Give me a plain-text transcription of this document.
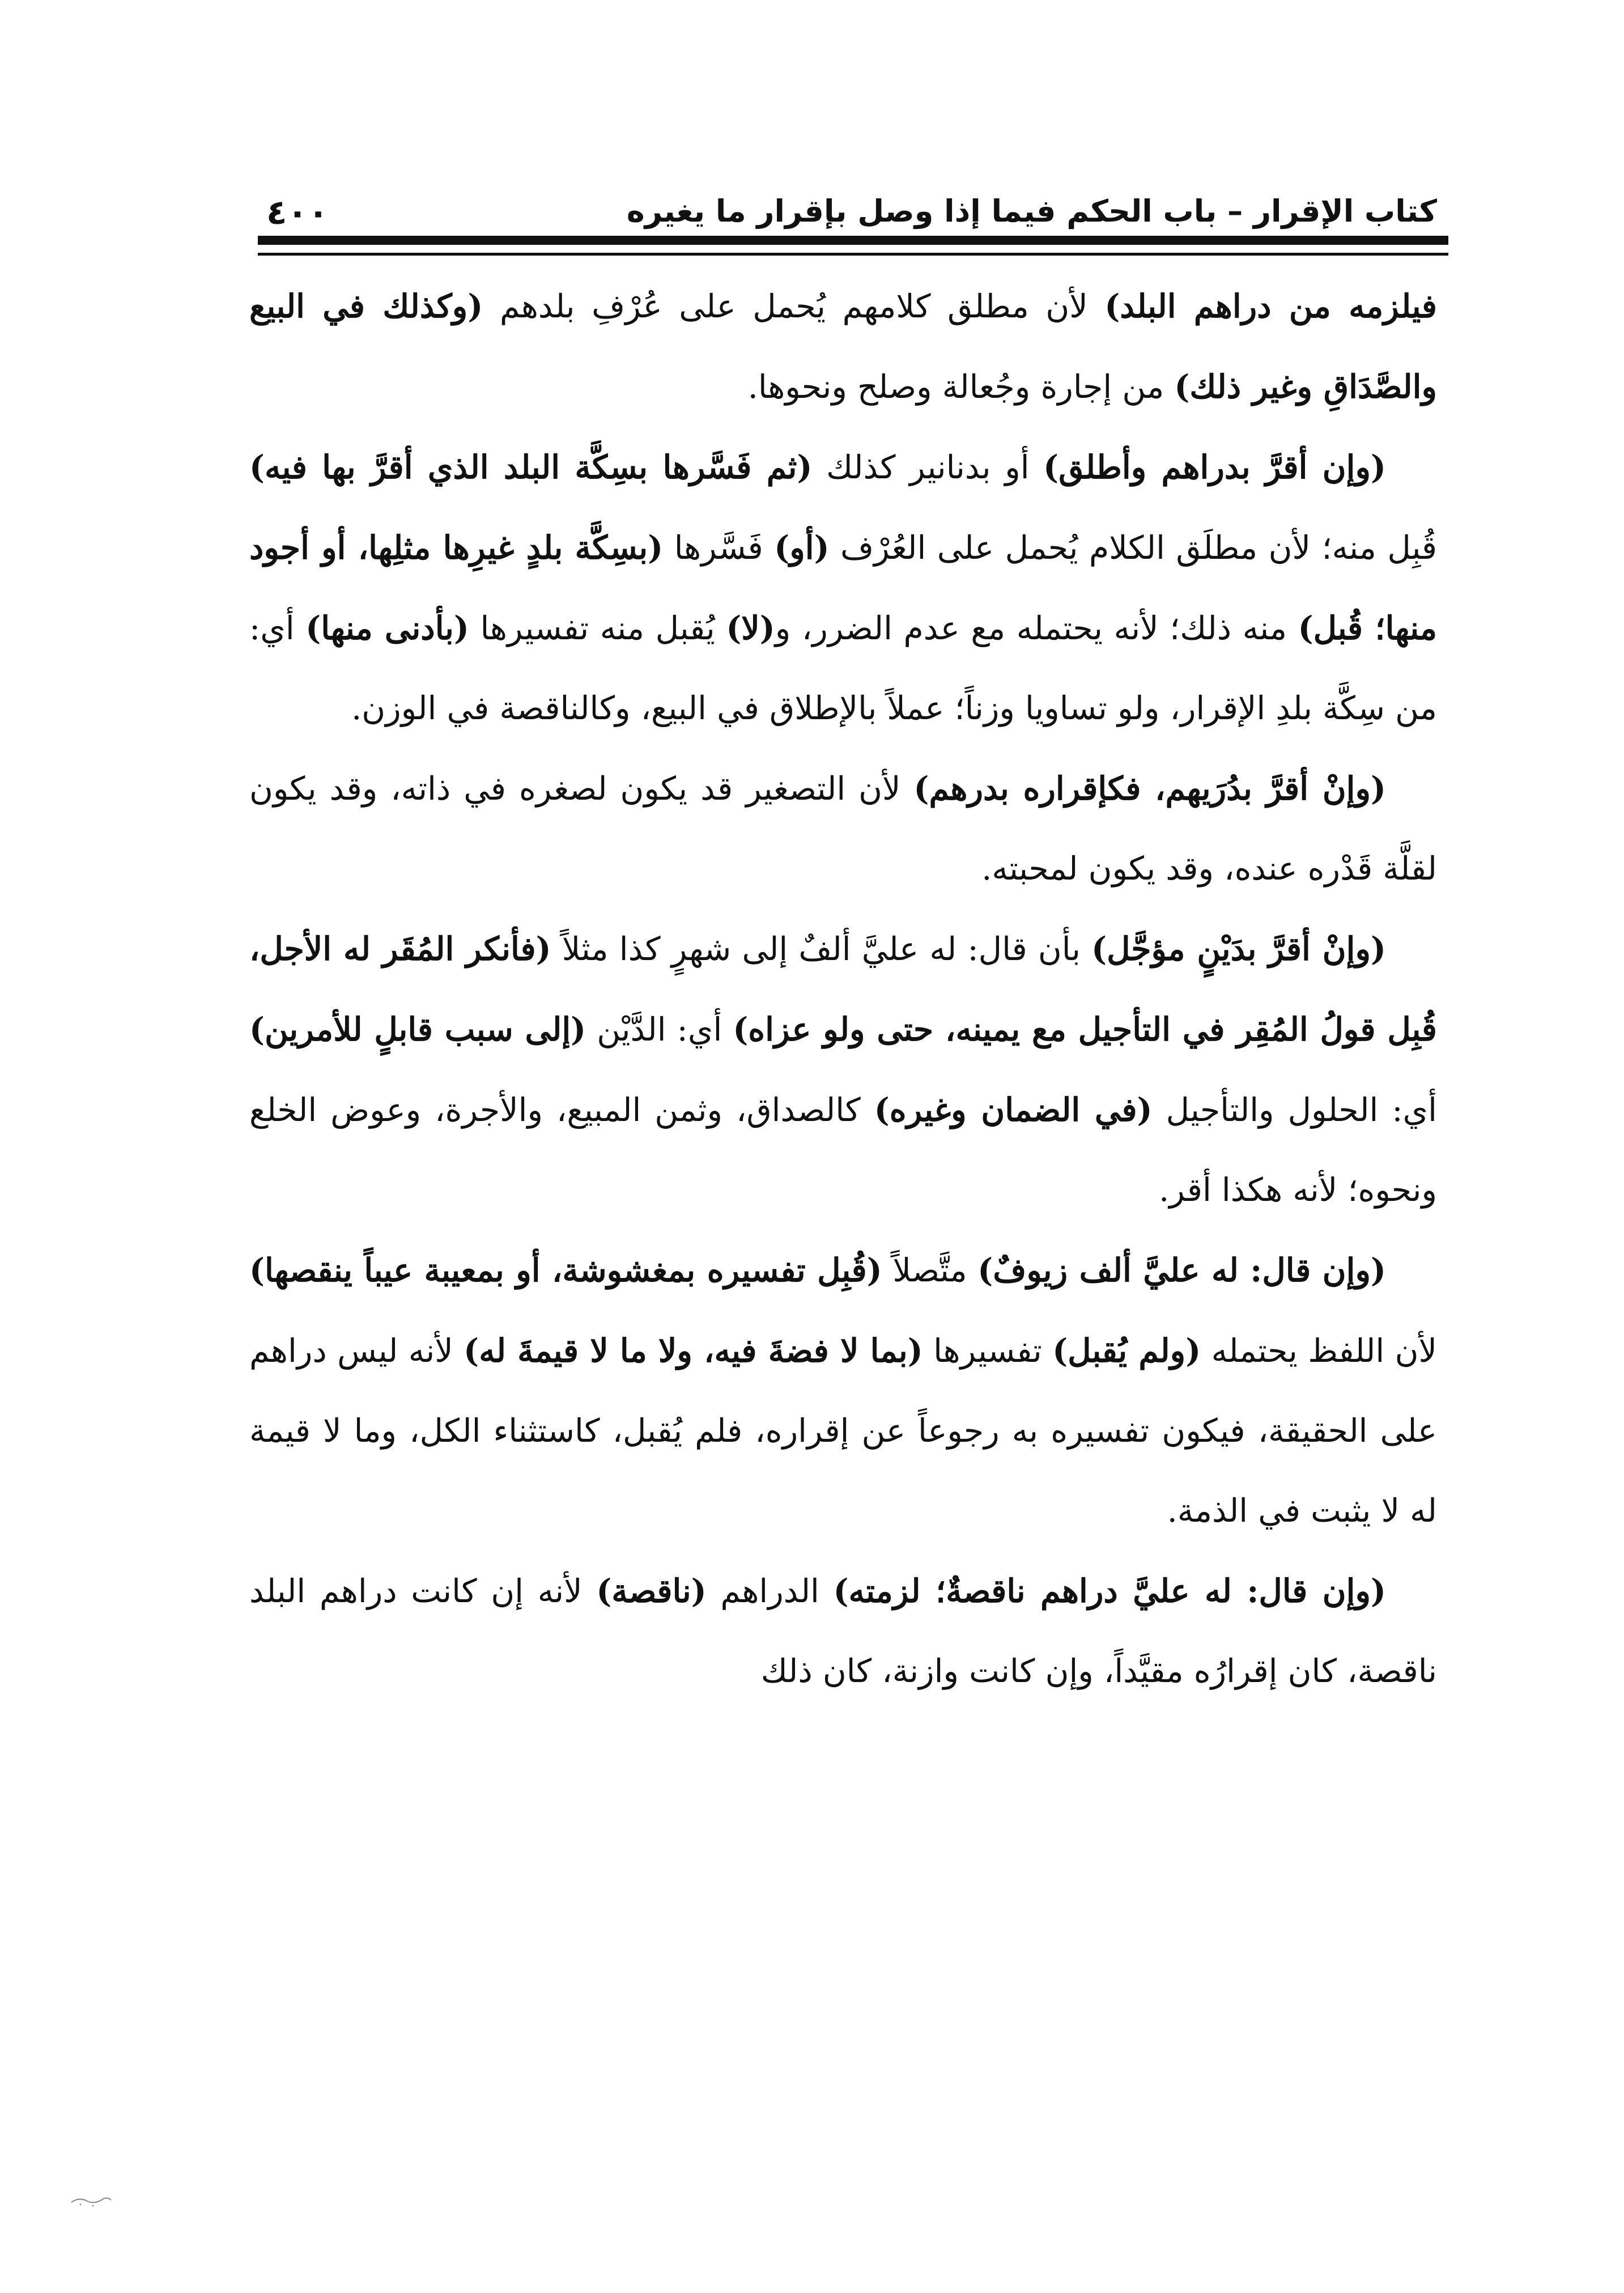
كتاب الإقرار – باب الحكم فيما إذا وصل بإقرار ما يغيره
٤٠٠

فيلزمه من دراهم البلد) لأن مطلق كلامهم يُحمل على عُرْفِ بلدهم (وكذلك في البيع والصَّدَاقِ وغير ذلك) من إجارة وجُعالة وصلح ونحوها.

(وإن أقرَّ بدراهم وأطلق) أو بدنانير كذلك (ثم فَسَّرها بسِكَّة البلد الذي أقرَّ بها فيه) قُبِل منه؛ لأن مطلَق الكلام يُحمل على العُرْف (أو) فَسَّرها (بسِكَّة بلدٍ غيرِها مثلِها، أو أجود منها؛ قُبل) منه ذلك؛ لأنه يحتمله مع عدم الضرر، و(لا) يُقبل منه تفسيرها (بأدنى منها) أي: من سِكَّة بلدِ الإقرار، ولو تساويا وزناً؛ عملاً بالإطلاق في البيع، وكالناقصة في الوزن.

(وإنْ أقرَّ بدُرَيهم، فكإقراره بدرهم) لأن التصغير قد يكون لصغره في ذاته، وقد يكون لقلَّة قَدْره عنده، وقد يكون لمحبته.

(وإنْ أقرَّ بدَيْنٍ مؤجَّل) بأن قال: له عليَّ ألفٌ إلى شهرٍ كذا مثلاً (فأنكر المُقَر له الأجل، قُبِل قولُ المُقِر في التأجيل مع يمينه، حتى ولو عزاه) أي: الدَّيْن (إلى سبب قابلٍ للأمرين) أي: الحلول والتأجيل (في الضمان وغيره) كالصداق، وثمن المبيع، والأجرة، وعوض الخلع ونحوه؛ لأنه هكذا أقر.

(وإن قال: له عليَّ ألف زيوفٌ) متَّصلاً (قُبِل تفسيره بمغشوشة، أو بمعيبة عيباً ينقصها) لأن اللفظ يحتمله (ولم يُقبل) تفسيرها (بما لا فضةَ فيه، ولا ما لا قيمةَ له) لأنه ليس دراهم على الحقيقة، فيكون تفسيره به رجوعاً عن إقراره، فلم يُقبل، كاستثناء الكل، وما لا قيمة له لا يثبت في الذمة.

(وإن قال: له عليَّ دراهم ناقصةٌ؛ لزمته) الدراهم (ناقصة) لأنه إن كانت دراهم البلد ناقصة، كان إقرارُه مقيَّداً، وإن كانت وازنة، كان ذلك
